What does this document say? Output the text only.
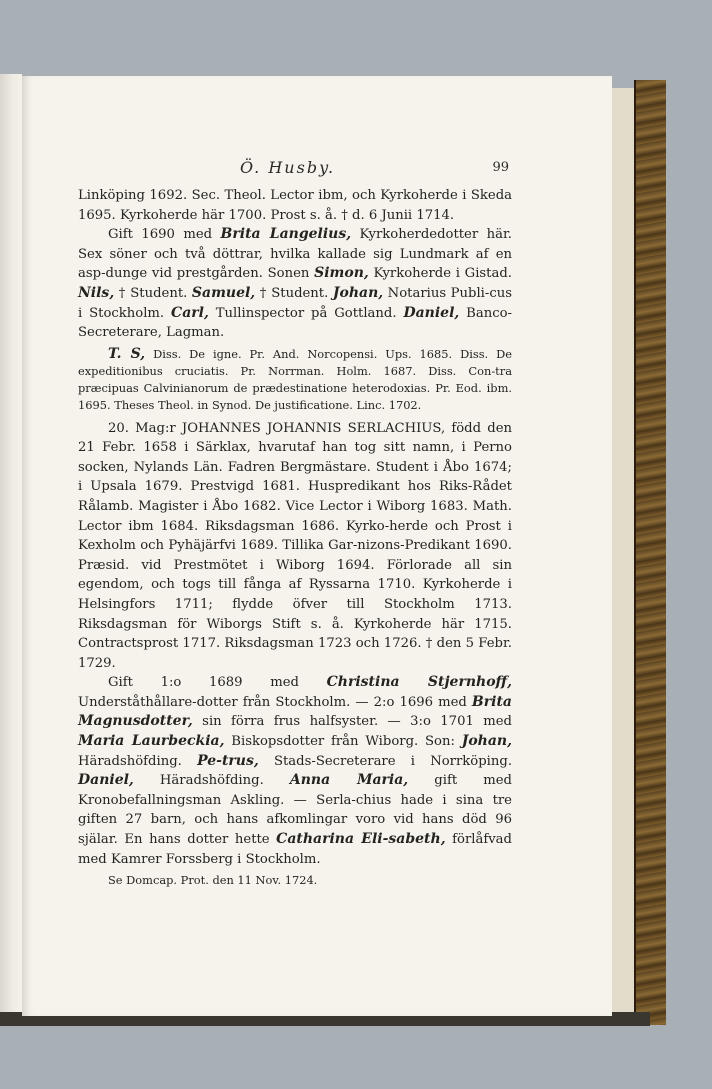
Ö. Husby.	99

Linköping 1692. Sec. Theol. Lector ibm, och Kyrkoherde i Skeda 1695. Kyrkoherde här 1700. Prost s. å. † d. 6 Junii 1714.

Gift 1690 med Brita Langelius, Kyrkoherdedotter här. Sex söner och två döttrar, hvilka kallade sig Lundmark af en asp-dunge vid prestgården. Sonen Simon, Kyrkoherde i Gistad. Nils, † Student. Samuel, † Student. Johan, Notarius Publi-cus i Stockholm. Carl, Tullinspector på Gottland. Daniel, Banco-Secreterare, Lagman.

T. S, Diss. De igne. Pr. And. Norcopensi. Ups. 1685. Diss. De expeditionibus cruciatis. Pr. Norrman. Holm. 1687. Diss. Con-tra præcipuas Calvinianorum de prædestinatione heterodoxias. Pr. Eod. ibm. 1695. Theses Theol. in Synod. De justificatione. Linc. 1702.

20. Mag:r JOHANNES JOHANNIS SERLACHIUS, född den 21 Febr. 1658 i Särklax, hvarutaf han tog sitt namn, i Perno socken, Nylands Län. Fadren Bergmästare. Student i Åbo 1674; i Upsala 1679. Prestvigd 1681. Huspredikant hos Riks-Rådet Rålamb. Magister i Åbo 1682. Vice Lector i Wiborg 1683. Math. Lector ibm 1684. Riksdagsman 1686. Kyrko-herde och Prost i Kexholm och Pyhäjärfvi 1689. Tillika Gar-nizons-Predikant 1690. Præsid. vid Prestmötet i Wiborg 1694. Förlorade all sin egendom, och togs till fånga af Ryssarna 1710. Kyrkoherde i Helsingfors 1711; flydde öfver till Stockholm 1713. Riksdagsman för Wiborgs Stift s. å. Kyrkoherde här 1715. Contractsprost 1717. Riksdagsman 1723 och 1726. † den 5 Febr. 1729.

Gift 1:o 1689 med Christina Stjernhoff, Underståthållare-dotter från Stockholm. — 2:o 1696 med Brita Magnusdotter, sin förra frus halfsyster. — 3:o 1701 med Maria Laurbeckia, Biskopsdotter från Wiborg. Son: Johan, Häradshöfding. Pe-trus, Stads-Secreterare i Norrköping. Daniel, Häradshöfding. Anna Maria, gift med Kronobefallningsman Askling. — Serla-chius hade i sina tre giften 27 barn, och hans afkomlingar voro vid hans död 96 själar. En hans dotter hette Catharina Eli-sabeth, förlåfvad med Kamrer Forssberg i Stockholm.

Se Domcap. Prot. den 11 Nov. 1724.
